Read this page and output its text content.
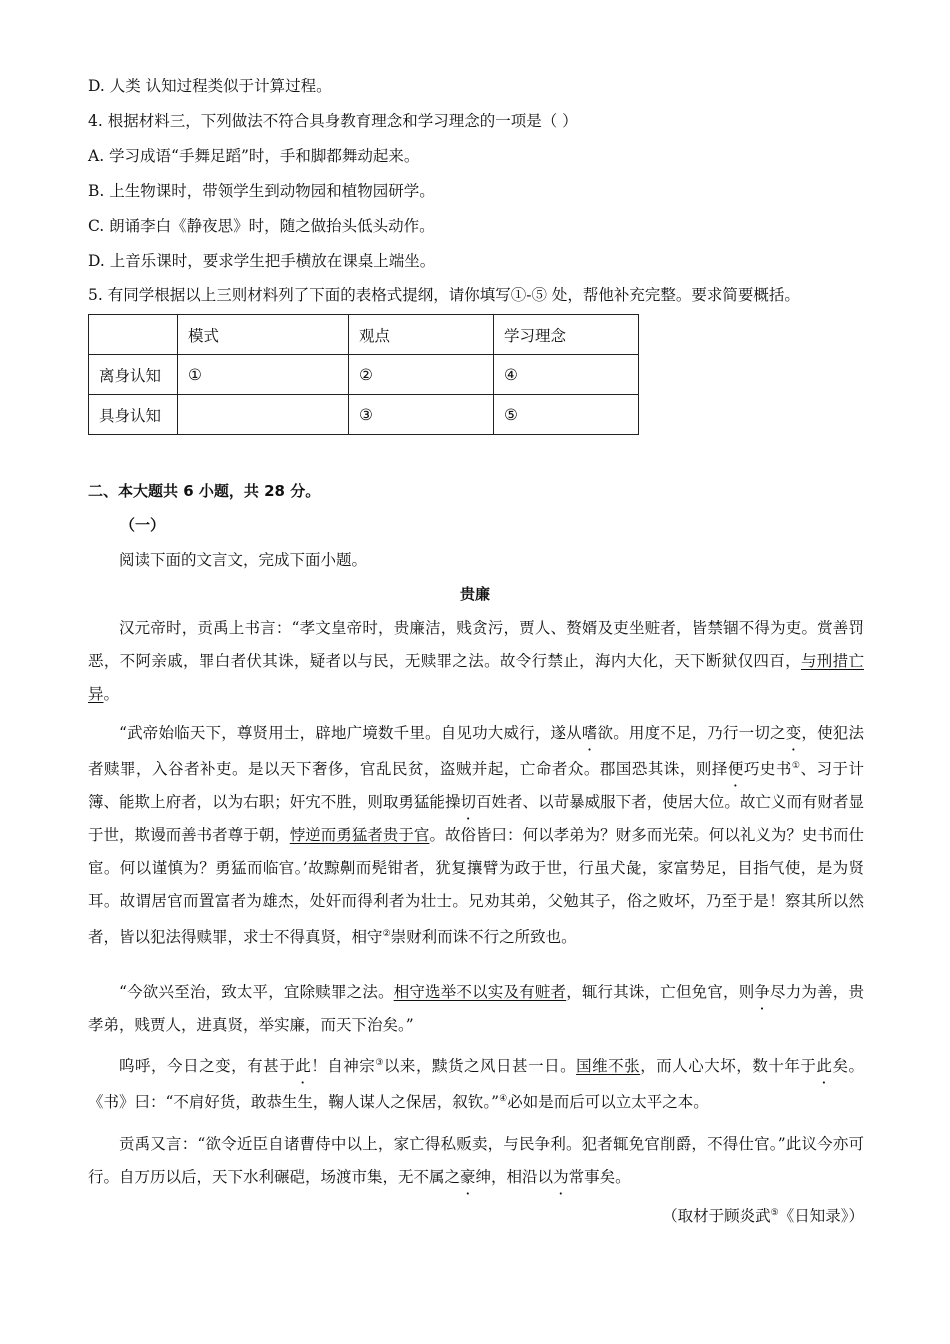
D. 人类 认知过程类似于计算过程。
4. 根据材料三，下列做法不符合具身教育理念和学习理念的一项是（ ）
A. 学习成语“手舞足蹈”时，手和脚都舞动起来。
B. 上生物课时，带领学生到动物园和植物园研学。
C. 朗诵李白《静夜思》时，随之做抬头低头动作。
D. 上音乐课时，要求学生把手横放在课桌上端坐。
5. 有同学根据以上三则材料列了下面的表格式提纲，请你填写①-⑤ 处，帮他补充完整。要求简要概括。
	模式	观点	学习理念
离身认知	①	②	④
具身认知		③	⑤
二、本大题共 6 小题，共 28 分。
（一）
阅读下面的文言文，完成下面小题。
贵廉
汉元帝时，贡禹上书言：“孝文皇帝时，贵廉洁，贱贪污，贾人、赘婿及吏坐赃者，皆禁锢不得为吏。赏善罚恶，不阿亲戚，罪白者伏其诛，疑者以与民，无赎罪之法。故令行禁止，海内大化，天下断狱仅四百，与刑措亡异。
“武帝始临天下，尊贤用士，辟地广境数千里。自见功大威行，遂从嗜欲。用度不足，乃行一切之变，使犯法者赎罪，入谷者补吏。是以天下奢侈，官乱民贫，盗贼并起，亡命者众。郡国恐其诛，则择便巧史书①、习于计簿、能欺上府者，以为右职；奸宄不胜，则取勇猛能操切百姓者、以苛暴威服下者，使居大位。故亡义而有财者显于世，欺谩而善书者尊于朝，悖逆而勇猛者贵于官。故俗皆曰：何以孝弟为？财多而光荣。何以礼义为？史书而仕宦。何以谨慎为？勇猛而临官。’故黥劓而髡钳者，犹复攘臂为政于世，行虽犬彘，家富势足，目指气使，是为贤耳。故谓居官而置富者为雄杰，处奸而得利者为壮士。兄劝其弟，父勉其子，俗之败坏，乃至于是！察其所以然者，皆以犯法得赎罪，求士不得真贤，相守②崇财利而诛不行之所致也。
“今欲兴至治，致太平，宜除赎罪之法。相守选举不以实及有赃者，辄行其诛，亡但免官，则争尽力为善，贵孝弟，贱贾人，进真贤，举实廉，而天下治矣。”
呜呼，今日之变，有甚于此！自神宗③以来，黩货之风日甚一日。国维不张，而人心大坏，数十年于此矣。《书》曰：“不肩好货，敢恭生生，鞠人谋人之保居，叙钦。”④必如是而后可以立太平之本。
贡禹又言：“欲令近臣自诸曹侍中以上，家亡得私贩卖，与民争利。犯者辄免官削爵，不得仕官。”此议今亦可行。自万历以后，天下水利碾硙，场渡市集，无不属之豪绅，相沿以为常事矣。
（取材于顾炎武⑤《日知录》）
